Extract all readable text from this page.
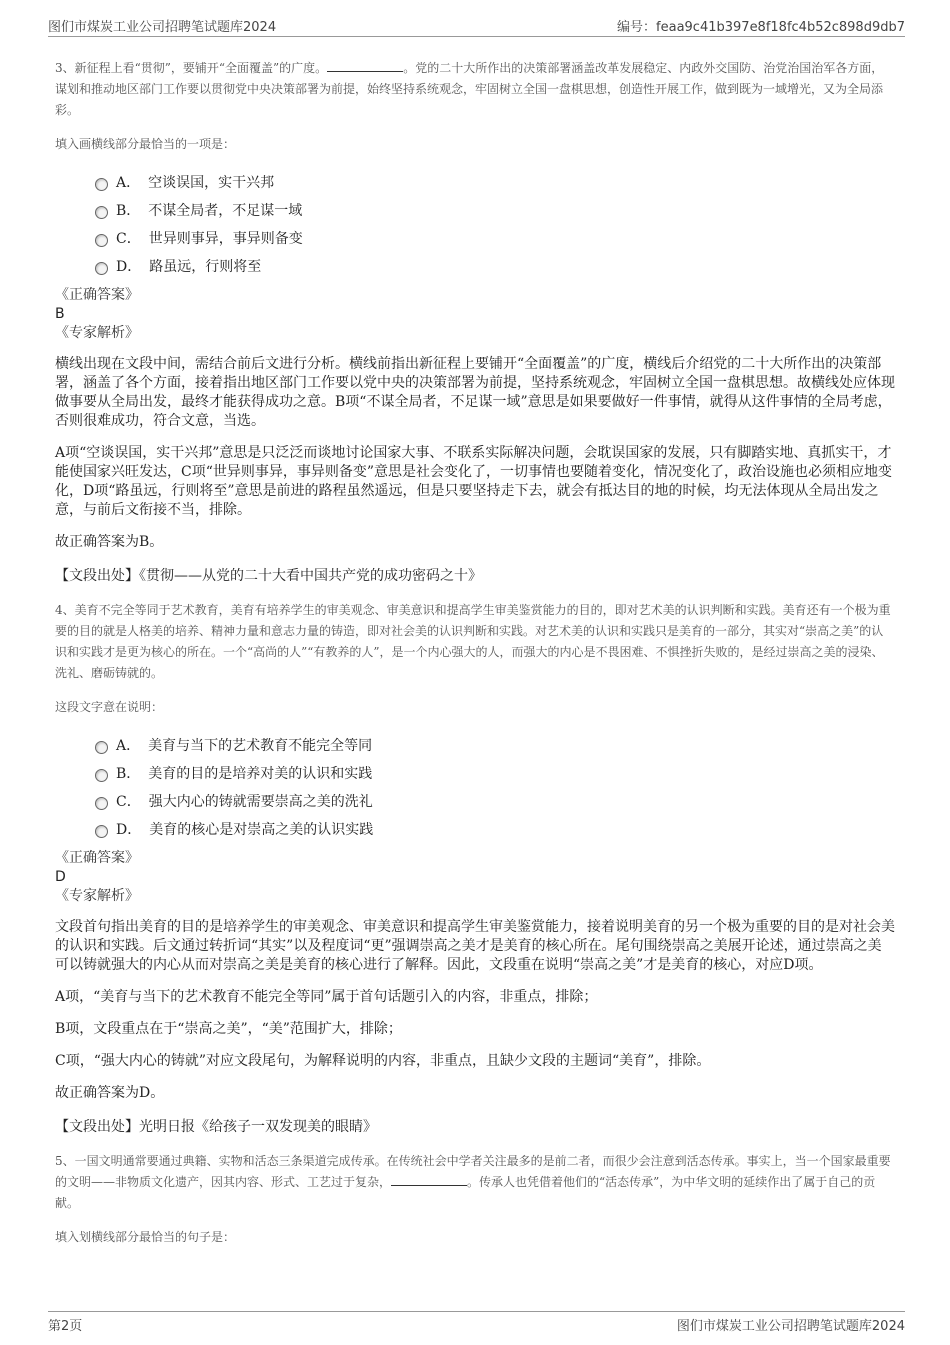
图们市煤炭工业公司招聘笔试题库2024	编号：feaa9c41b397e8f18fc4b52c898d9db7

3、新征程上看“贯彻”，要铺开“全面覆盖”的广度。	。党的二十大所作出的决策部署涵盖改革发展稳定、内政外交国防、治党治国治军各方面，谋划和推动地区部门工作要以贯彻党中央决策部署为前提，始终坚持系统观念，牢固树立全国一盘棋思想，创造性开展工作，做到既为一域增光，又为全局添彩。

填入画横线部分最恰当的一项是：

A． 空谈误国，实干兴邦
B． 不谋全局者，不足谋一域
C． 世异则事异，事异则备变
D． 路虽远，行则将至

《正确答案》

B

《专家解析》

横线出现在文段中间，需结合前后文进行分析。横线前指出新征程上要铺开“全面覆盖”的广度，横线后介绍党的二十大所作出的决策部署，涵盖了各个方面，接着指出地区部门工作要以党中央的决策部署为前提，坚持系统观念，牢固树立全国一盘棋思想。故横线处应体现做事要从全局出发，最终才能获得成功之意。B项“不谋全局者，不足谋一域”意思是如果要做好一件事情，就得从这件事情的全局考虑，否则很难成功，符合文意，当选。

A项“空谈误国，实干兴邦”意思是只泛泛而谈地讨论国家大事、不联系实际解决问题，会耽误国家的发展，只有脚踏实地、真抓实干，才能使国家兴旺发达，C项“世异则事异，事异则备变”意思是社会变化了，一切事情也要随着变化，情况变化了，政治设施也必须相应地变化，D项“路虽远，行则将至”意思是前进的路程虽然遥远，但是只要坚持走下去，就会有抵达目的地的时候，均无法体现从全局出发之意，与前后文衔接不当，排除。

故正确答案为B。

【文段出处】《贯彻——从党的二十大看中国共产党的成功密码之十》

4、美育不完全等同于艺术教育，美育有培养学生的审美观念、审美意识和提高学生审美鉴赏能力的目的，即对艺术美的认识判断和实践。美育还有一个极为重要的目的就是人格美的培养、精神力量和意志力量的铸造，即对社会美的认识判断和实践。对艺术美的认识和实践只是美育的一部分，其实对“崇高之美”的认识和实践才是更为核心的所在。一个“高尚的人”“有教养的人”，是一个内心强大的人，而强大的内心是不畏困难、不惧挫折失败的，是经过崇高之美的浸染、洗礼、磨砺铸就的。

这段文字意在说明：

A． 美育与当下的艺术教育不能完全等同
B． 美育的目的是培养对美的认识和实践
C． 强大内心的铸就需要崇高之美的洗礼
D． 美育的核心是对崇高之美的认识实践

《正确答案》

D

《专家解析》

文段首句指出美育的目的是培养学生的审美观念、审美意识和提高学生审美鉴赏能力，接着说明美育的另一个极为重要的目的是对社会美的认识和实践。后文通过转折词“其实”以及程度词“更”强调崇高之美才是美育的核心所在。尾句围绕崇高之美展开论述，通过崇高之美可以铸就强大的内心从而对崇高之美是美育的核心进行了解释。因此，文段重在说明“崇高之美”才是美育的核心，对应D项。

A项，“美育与当下的艺术教育不能完全等同”属于首句话题引入的内容，非重点，排除；

B项，文段重点在于“崇高之美”，“美”范围扩大，排除；

C项，“强大内心的铸就”对应文段尾句，为解释说明的内容，非重点，且缺少文段的主题词“美育”，排除。

故正确答案为D。

【文段出处】光明日报《给孩子一双发现美的眼睛》

5、一国文明通常要通过典籍、实物和活态三条渠道完成传承。在传统社会中学者关注最多的是前二者，而很少会注意到活态传承。事实上，当一个国家最重要的文明——非物质文化遗产，因其内容、形式、工艺过于复杂，	。传承人也凭借着他们的“活态传承”，为中华文明的延续作出了属于自己的贡献。

填入划横线部分最恰当的句子是：

第2页	图们市煤炭工业公司招聘笔试题库2024
